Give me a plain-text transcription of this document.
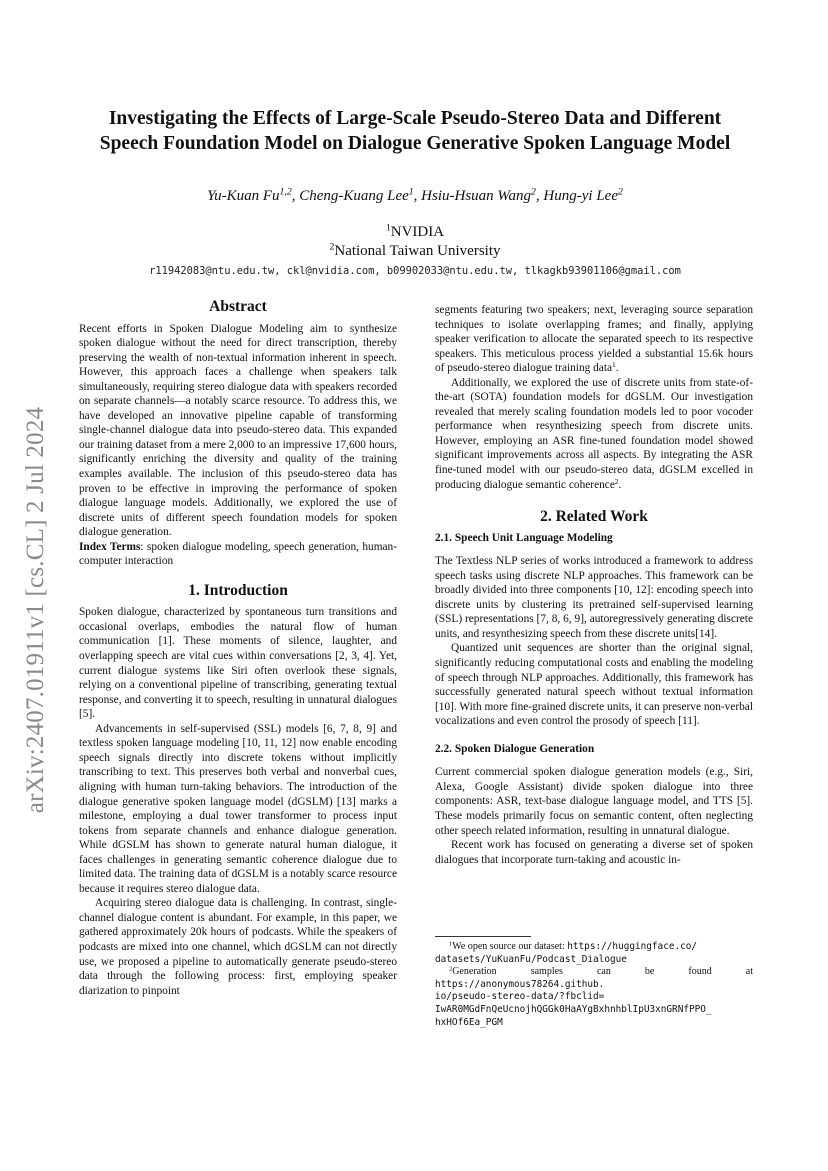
arXiv:2407.01911v1 [cs.CL] 2 Jul 2024
Investigating the Effects of Large-Scale Pseudo-Stereo Data and Different
Speech Foundation Model on Dialogue Generative Spoken Language Model
Yu-Kuan Fu$^{1,2}$, Cheng-Kuang Lee$^1$, Hsiu-Hsuan Wang$^2$, Hung-yi Lee$^2$
$^1$NVIDIA
$^2$National Taiwan University
r11942083@ntu.edu.tw, ckl@nvidia.com, b09902033@ntu.edu.tw, tlkagkb93901106@gmail.com
Abstract

Recent efforts in Spoken Dialogue Modeling aim to synthesize spoken dialogue without the need for direct transcription, thereby preserving the wealth of non-textual information inherent in speech. However, this approach faces a challenge when speakers talk simultaneously, requiring stereo dialogue data with speakers recorded on separate channels—a notably scarce resource. To address this, we have developed an innovative pipeline capable of transforming single-channel dialogue data into pseudo-stereo data. This expanded our training dataset from a mere 2,000 to an impressive 17,600 hours, significantly enriching the diversity and quality of the training examples available. The inclusion of this pseudo-stereo data has proven to be effective in improving the performance of spoken dialogue language models. Additionally, we explored the use of discrete units of different speech foundation models for spoken dialogue generation.

Index Terms: spoken dialogue modeling, speech generation, human-computer interaction

1. Introduction

Spoken dialogue, characterized by spontaneous turn transitions and occasional overlaps, embodies the natural flow of human communication [1]. These moments of silence, laughter, and overlapping speech are vital cues within conversations [2, 3, 4]. Yet, current dialogue systems like Siri often overlook these signals, relying on a conventional pipeline of transcribing, generating textual response, and converting it to speech, resulting in unnatural dialogues [5].

Advancements in self-supervised (SSL) models [6, 7, 8, 9] and textless spoken language modeling [10, 11, 12] now enable encoding speech signals directly into discrete tokens without implicitly transcribing to text. This preserves both verbal and nonverbal cues, aligning with human turn-taking behaviors. The introduction of the dialogue generative spoken language model (dGSLM) [13] marks a milestone, employing a dual tower transformer to process input tokens from separate channels and enhance dialogue generation. While dGSLM has shown to generate natural human dialogue, it faces challenges in generating semantic coherence dialogue due to limited data. The training data of dGSLM is a notably scarce resource because it requires stereo dialogue data.

Acquiring stereo dialogue data is challenging. In contrast, single-channel dialogue content is abundant. For example, in this paper, we gathered approximately 20k hours of podcasts. While the speakers of podcasts are mixed into one channel, which dGSLM can not directly use, we proposed a pipeline to automatically generate pseudo-stereo data through the following process: first, employing speaker diarization to pinpoint

segments featuring two speakers; next, leveraging source separation techniques to isolate overlapping frames; and finally, applying speaker verification to allocate the separated speech to its respective speakers. This meticulous process yielded a substantial 15.6k hours of pseudo-stereo dialogue training data$^1$.

Additionally, we explored the use of discrete units from state-of-the-art (SOTA) foundation models for dGSLM. Our investigation revealed that merely scaling foundation models led to poor vocoder performance when resynthesizing speech from discrete units. However, employing an ASR fine-tuned foundation model showed significant improvements across all aspects. By integrating the ASR fine-tuned model with our pseudo-stereo data, dGSLM excelled in producing dialogue semantic coherence$^2$.

2. Related Work
2.1. Speech Unit Language Modeling

The Textless NLP series of works introduced a framework to address speech tasks using discrete NLP approaches. This framework can be broadly divided into three components [10, 12]: encoding speech into discrete units by clustering its pretrained self-supervised learning (SSL) representations [7, 8, 6, 9], autoregressively generating discrete units, and resynthesizing speech from these discrete units[14].

Quantized unit sequences are shorter than the original signal, significantly reducing computational costs and enabling the modeling of speech through NLP approaches. Additionally, this framework has successfully generated natural speech without textual information [10]. With more fine-grained discrete units, it can preserve non-verbal vocalizations and even control the prosody of speech [11].

2.2. Spoken Dialogue Generation

Current commercial spoken dialogue generation models (e.g., Siri, Alexa, Google Assistant) divide spoken dialogue into three components: ASR, text-base dialogue language model, and TTS [5]. These models primarily focus on semantic content, often neglecting other speech related information, resulting in unnatural dialogue.

Recent work has focused on generating a diverse set of spoken dialogues that incorporate turn-taking and acoustic in-

$^1$We open source our dataset: https://huggingface.co/
datasets/YuKuanFu/Podcast_Dialogue
$^2$Generation	samples	can	be	found	at
https://anonymous78264.github.
io/pseudo-stereo-data/?fbclid=
IwAR0MGdFnQeUcnojhQGGk0HaAYgBxhnhblIpU3xnGRNfPPO_
hxHOf6Ea_PGM
